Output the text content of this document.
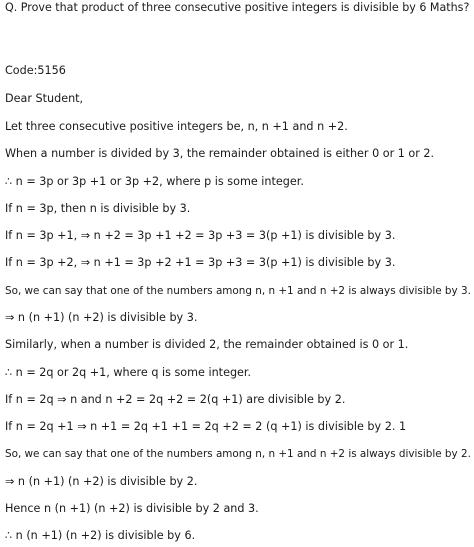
Q. Prove that product of three consecutive positive integers is divisible by 6 Maths?
Code:5156
Dear Student,
Let three consecutive positive integers be, n, n +1 and n +2.
When a number is divided by 3, the remainder obtained is either 0 or 1 or 2.
∴ n = 3p or 3p +1 or 3p +2, where p is some integer.
If n = 3p, then n is divisible by 3.
If n = 3p +1, ⇒ n +2 = 3p +1 +2 = 3p +3 = 3(p +1) is divisible by 3.
If n = 3p +2, ⇒ n +1 = 3p +2 +1 = 3p +3 = 3(p +1) is divisible by 3.
So, we can say that one of the numbers among n, n +1 and n +2 is always divisible by 3.
⇒ n (n +1) (n +2) is divisible by 3.
Similarly, when a number is divided 2, the remainder obtained is 0 or 1.
∴ n = 2q or 2q +1, where q is some integer.
If n = 2q ⇒ n and n +2 = 2q +2 = 2(q +1) are divisible by 2.
If n = 2q +1 ⇒ n +1 = 2q +1 +1 = 2q +2 = 2 (q +1) is divisible by 2. 1
So, we can say that one of the numbers among n, n +1 and n +2 is always divisible by 2.
⇒ n (n +1) (n +2) is divisible by 2.
Hence n (n +1) (n +2) is divisible by 2 and 3.
∴ n (n +1) (n +2) is divisible by 6.
